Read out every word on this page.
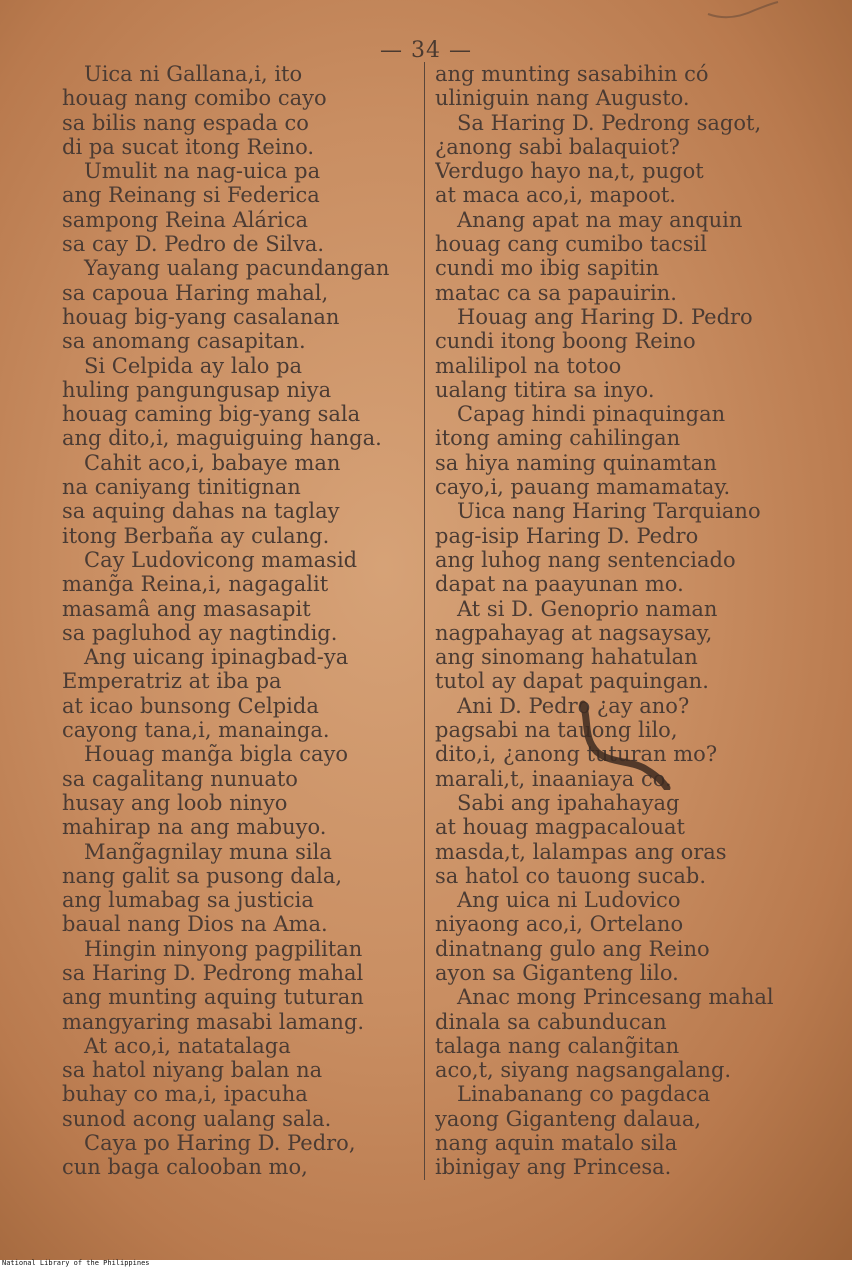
— 34 —
Uica ni Gallana,i, ito
houag nang comibo cayo
sa bilis nang espada co
di pa sucat itong Reino.
Umulit na nag-uica pa
ang Reinang si Federica
sampong Reina Alárica
sa cay D. Pedro de Silva.
Yayang ualang pacundangan
sa capoua Haring mahal,
houag big-yang casalanan
sa anomang casapitan.
Si Celpida ay lalo pa
huling pangungusap niya
houag caming big-yang sala
ang dito,i, maguiguing hanga.
Cahit aco,i, babaye man
na caniyang tinitignan
sa aquing dahas na taglay
itong Berbaña ay culang.
Cay Ludovicong mamasid
mang̃a Reina,i, nagagalit
masamâ ang masasapit
sa pagluhod ay nagtindig.
Ang uicang ipinagbad-ya
Emperatriz at iba pa
at icao bunsong Celpida
cayong tana,i, manainga.
Houag mang̃a bigla cayo
sa cagalitang nunuato
husay ang loob ninyo
mahirap na ang mabuyo.
Mang̃agnilay muna sila
nang galit sa pusong dala,
ang lumabag sa justicia
baual nang Dios na Ama.
Hingin ninyong pagpilitan
sa Haring D. Pedrong mahal
ang munting aquing tuturan
mangyaring masabi lamang.
At aco,i, natatalaga
sa hatol niyang balan na
buhay co ma,i, ipacuha
sunod acong ualang sala.
Caya po Haring D. Pedro,
cun baga calooban mo,
ang munting sasabihin có
uliniguin nang Augusto.
Sa Haring D. Pedrong sagot,
¿anong sabi balaquiot?
Verdugo hayo na,t, pugot
at maca aco,i, mapoot.
Anang apat na may anquin
houag cang cumibo tacsil
cundi mo ibig sapitin
matac ca sa papauirin.
Houag ang Haring D. Pedro
cundi itong boong Reino
malilipol na totoo
ualang titira sa inyo.
Capag hindi pinaquingan
itong aming cahilingan
sa hiya naming quinamtan
cayo,i, pauang mamamatay.
Uica nang Haring Tarquiano
pag-isip Haring D. Pedro
ang luhog nang sentenciado
dapat na paayunan mo.
At si D. Genoprio naman
nagpahayag at nagsaysay,
ang sinomang hahatulan
tutol ay dapat paquingan.
Ani D. Pedro ¿ay ano?
pagsabi na tauong lilo,
dito,i, ¿anong tuturan mo?
marali,t, inaaniaya co.
Sabi ang ipahahayag
at houag magpacalouat
masda,t, lalampas ang oras
sa hatol co tauong sucab.
Ang uica ni Ludovico
niyaong aco,i, Ortelano
dinatnang gulo ang Reino
ayon sa Giganteng lilo.
Anac mong Princesang mahal
dinala sa cabunducan
talaga nang calang̃itan
aco,t, siyang nagsangalang.
Linabanang co pagdaca
yaong Giganteng dalaua,
nang aquin matalo sila
ibinigay ang Princesa.
National Library of the Philippines
